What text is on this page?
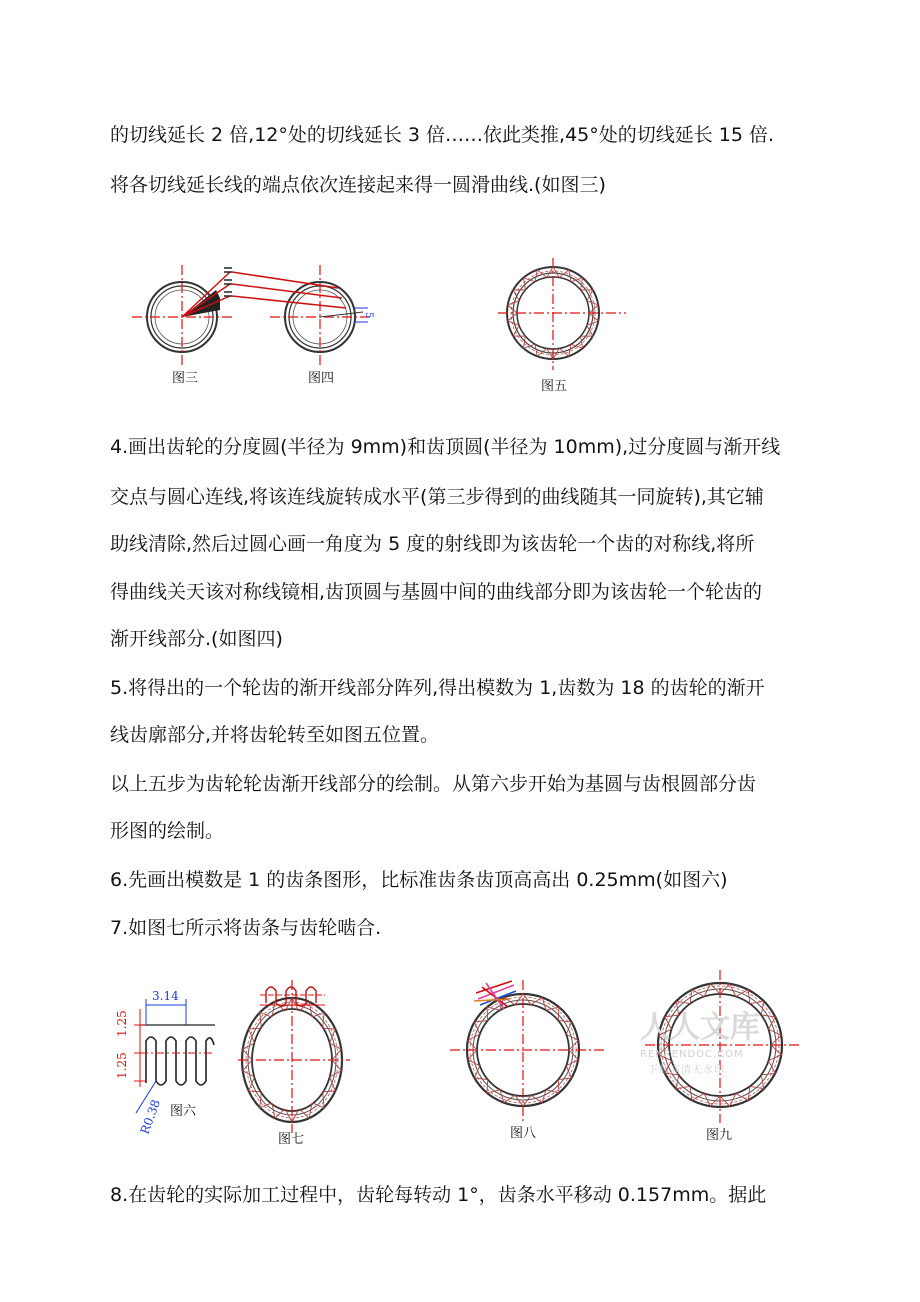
的切线延长 2 倍,12°处的切线延长 3 倍……依此类推,45°处的切线延长 15 倍.
将各切线延长线的端点依次连接起来得一圆滑曲线.(如图三)
图三
5
图四
图五
4.画出齿轮的分度圆(半径为 9mm)和齿顶圆(半径为 10mm),过分度圆与渐开线
交点与圆心连线,将该连线旋转成水平(第三步得到的曲线随其一同旋转),其它辅
助线清除,然后过圆心画一角度为 5 度的射线即为该齿轮一个齿的对称线,将所
得曲线关天该对称线镜相,齿顶圆与基圆中间的曲线部分即为该齿轮一个轮齿的
渐开线部分.(如图四)
5.将得出的一个轮齿的渐开线部分阵列,得出模数为 1,齿数为 18 的齿轮的渐开
线齿廓部分,并将齿轮转至如图五位置。
以上五步为齿轮轮齿渐开线部分的绘制。从第六步开始为基圆与齿根圆部分齿
形图的绘制。
6.先画出模数是 1 的齿条图形，比标准齿条齿顶高高出 0.25mm(如图六)
7.如图七所示将齿条与齿轮啮合.
3.14
1.25
1.25
R0.38 图六
图七	图八	图九
人人文库
RENRENDOC.COM
下载高清无水印
8.在齿轮的实际加工过程中，齿轮每转动 1°，齿条水平移动 0.157mm。据此
